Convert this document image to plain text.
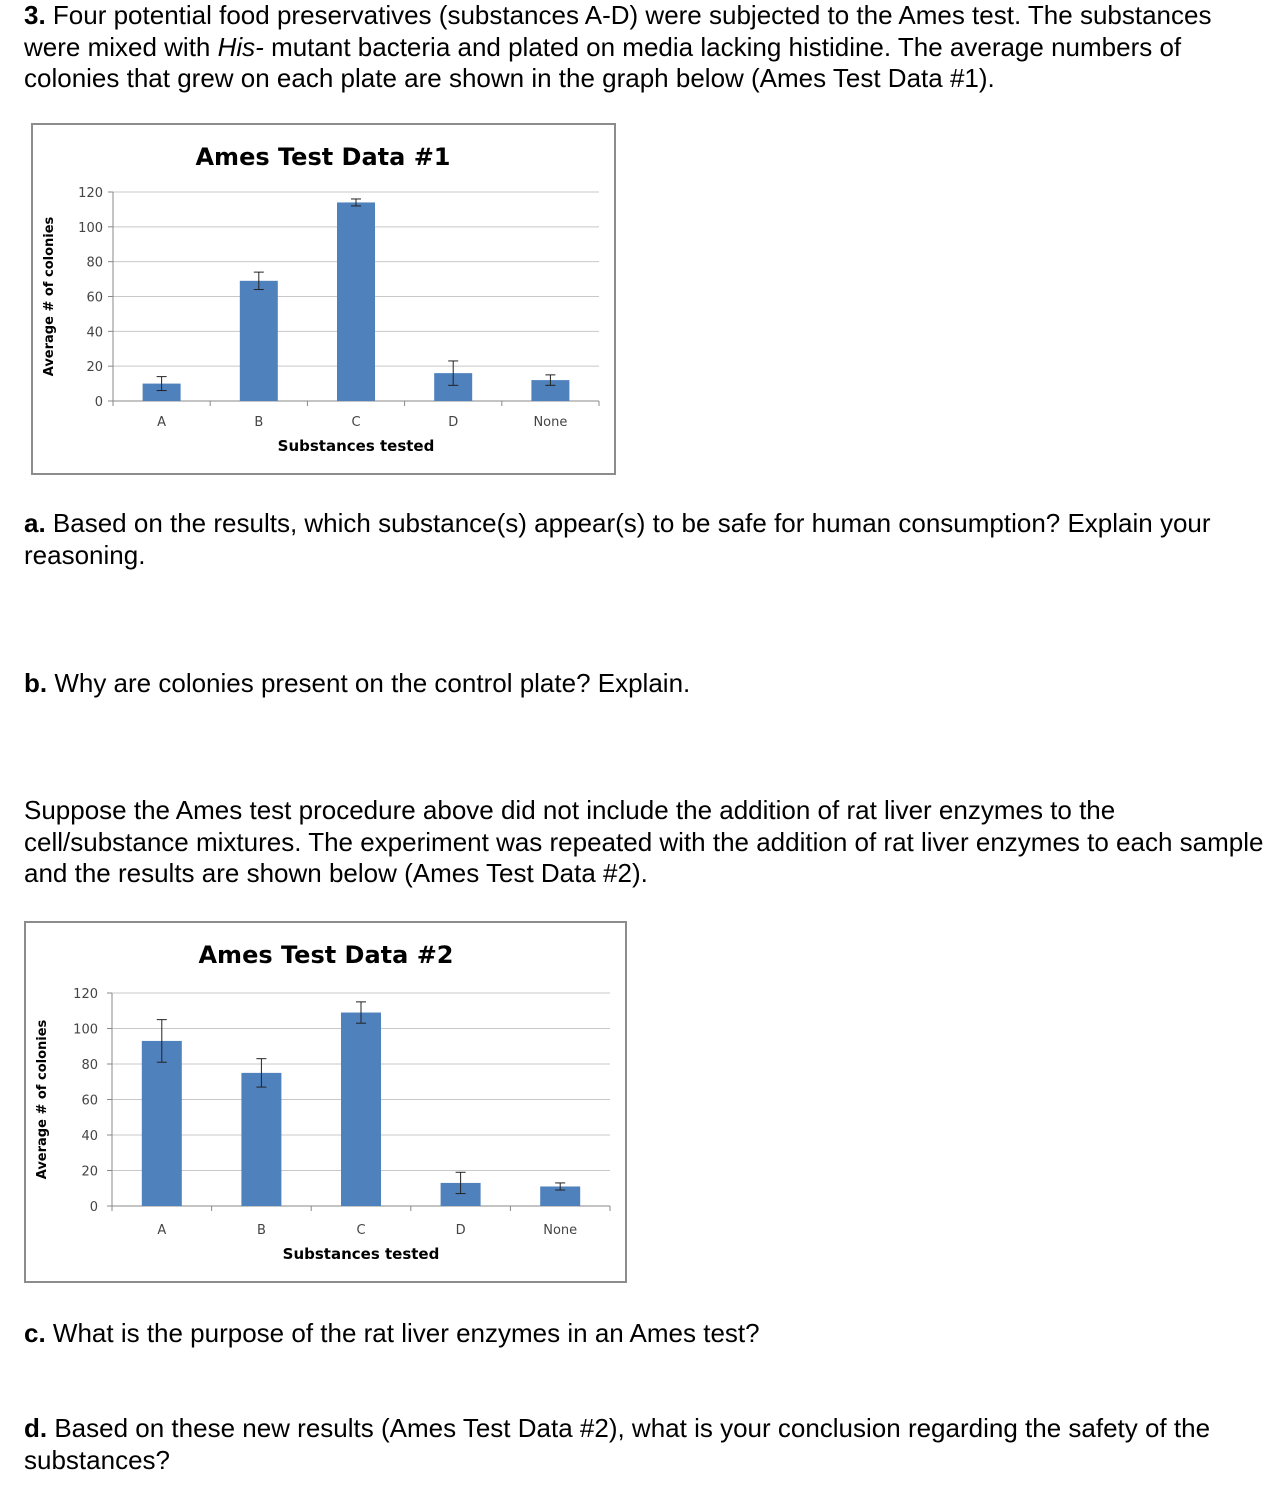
3. Four potential food preservatives (substances A-D) were subjected to the Ames test. The substances were mixed with His- mutant bacteria and plated on media lacking histidine. The average numbers of colonies that grew on each plate are shown in the graph below (Ames Test Data #1).

Ames Test Data #1
0
20
40
60
80
100
120
A	B	C	D	None
Substances tested
Average # of colonies

a. Based on the results, which substance(s) appear(s) to be safe for human consumption? Explain your reasoning.

b. Why are colonies present on the control plate? Explain.

Suppose the Ames test procedure above did not include the addition of rat liver enzymes to the cell/substance mixtures. The experiment was repeated with the addition of rat liver enzymes to each sample and the results are shown below (Ames Test Data #2).

Ames Test Data #2
0
20
40
60
80
100
120
A	B	C	D	None
Substances tested
Average # of colonies

c. What is the purpose of the rat liver enzymes in an Ames test?

d. Based on these new results (Ames Test Data #2), what is your conclusion regarding the safety of the substances?
